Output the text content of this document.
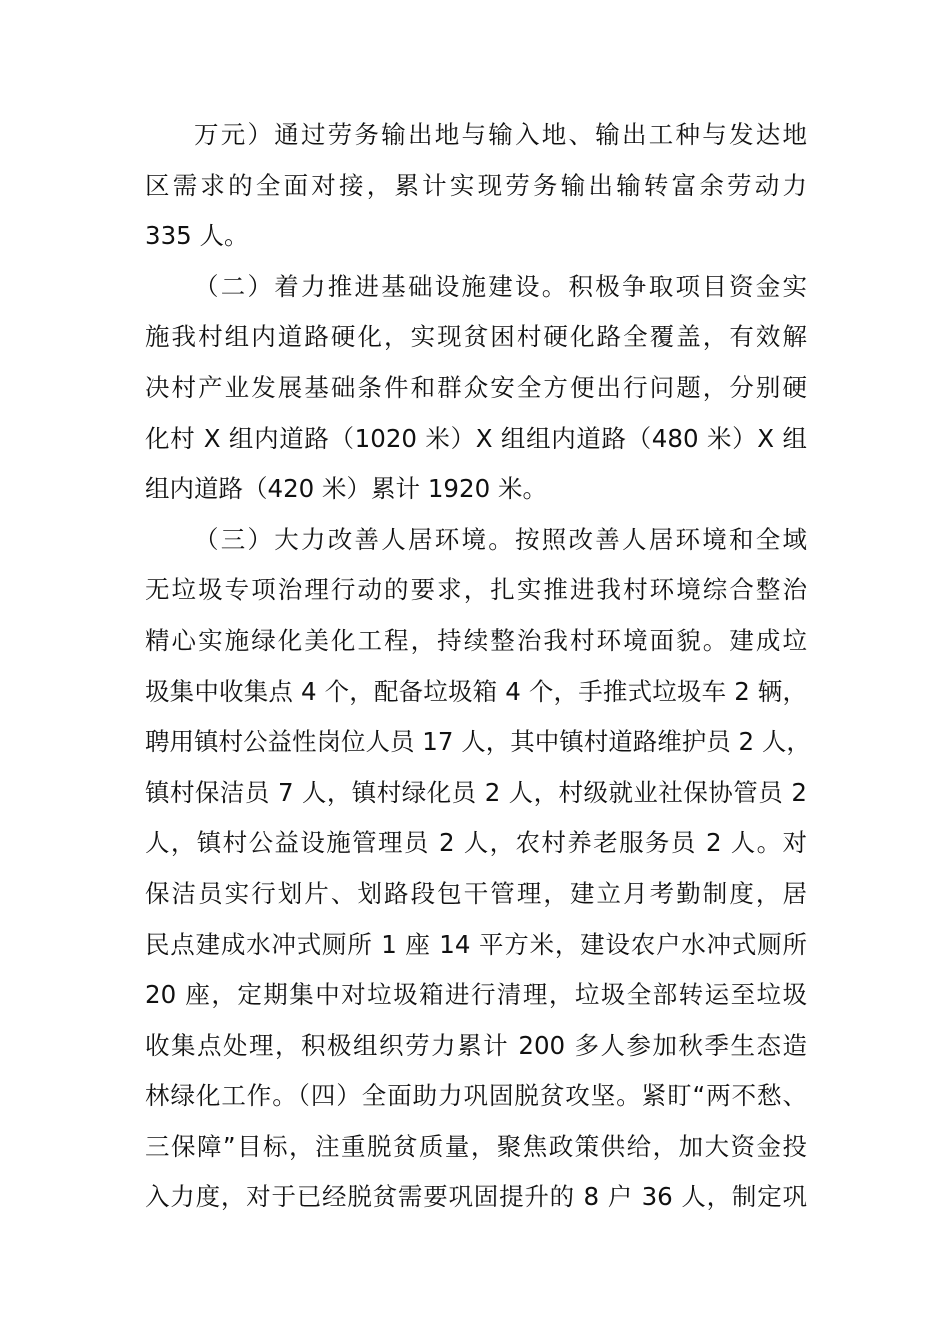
万元）通过劳务输出地与输入地、输出工种与发达地
区需求的全面对接，累计实现劳务输出输转富余劳动力
335 人。
（二）着力推进基础设施建设。积极争取项目资金实
施我村组内道路硬化，实现贫困村硬化路全覆盖，有效解
决村产业发展基础条件和群众安全方便出行问题，分别硬
化村 X 组内道路（1020 米）X 组组内道路（480 米）X 组
组内道路（420 米）累计 1920 米。
（三）大力改善人居环境。按照改善人居环境和全域
无垃圾专项治理行动的要求，扎实推进我村环境综合整治
精心实施绿化美化工程，持续整治我村环境面貌。建成垃
圾集中收集点 4 个，配备垃圾箱 4 个，手推式垃圾车 2 辆，
聘用镇村公益性岗位人员 17 人，其中镇村道路维护员 2 人，
镇村保洁员 7 人，镇村绿化员 2 人，村级就业社保协管员 2
人，镇村公益设施管理员 2 人，农村养老服务员 2 人。对
保洁员实行划片、划路段包干管理，建立月考勤制度，居
民点建成水冲式厕所 1 座 14 平方米，建设农户水冲式厕所
20 座，定期集中对垃圾箱进行清理，垃圾全部转运至垃圾
收集点处理，积极组织劳力累计 200 多人参加秋季生态造
林绿化工作。（四）全面助力巩固脱贫攻坚。紧盯“两不愁、
三保障”目标，注重脱贫质量，聚焦政策供给，加大资金投
入力度，对于已经脱贫需要巩固提升的 8 户 36 人，制定巩
